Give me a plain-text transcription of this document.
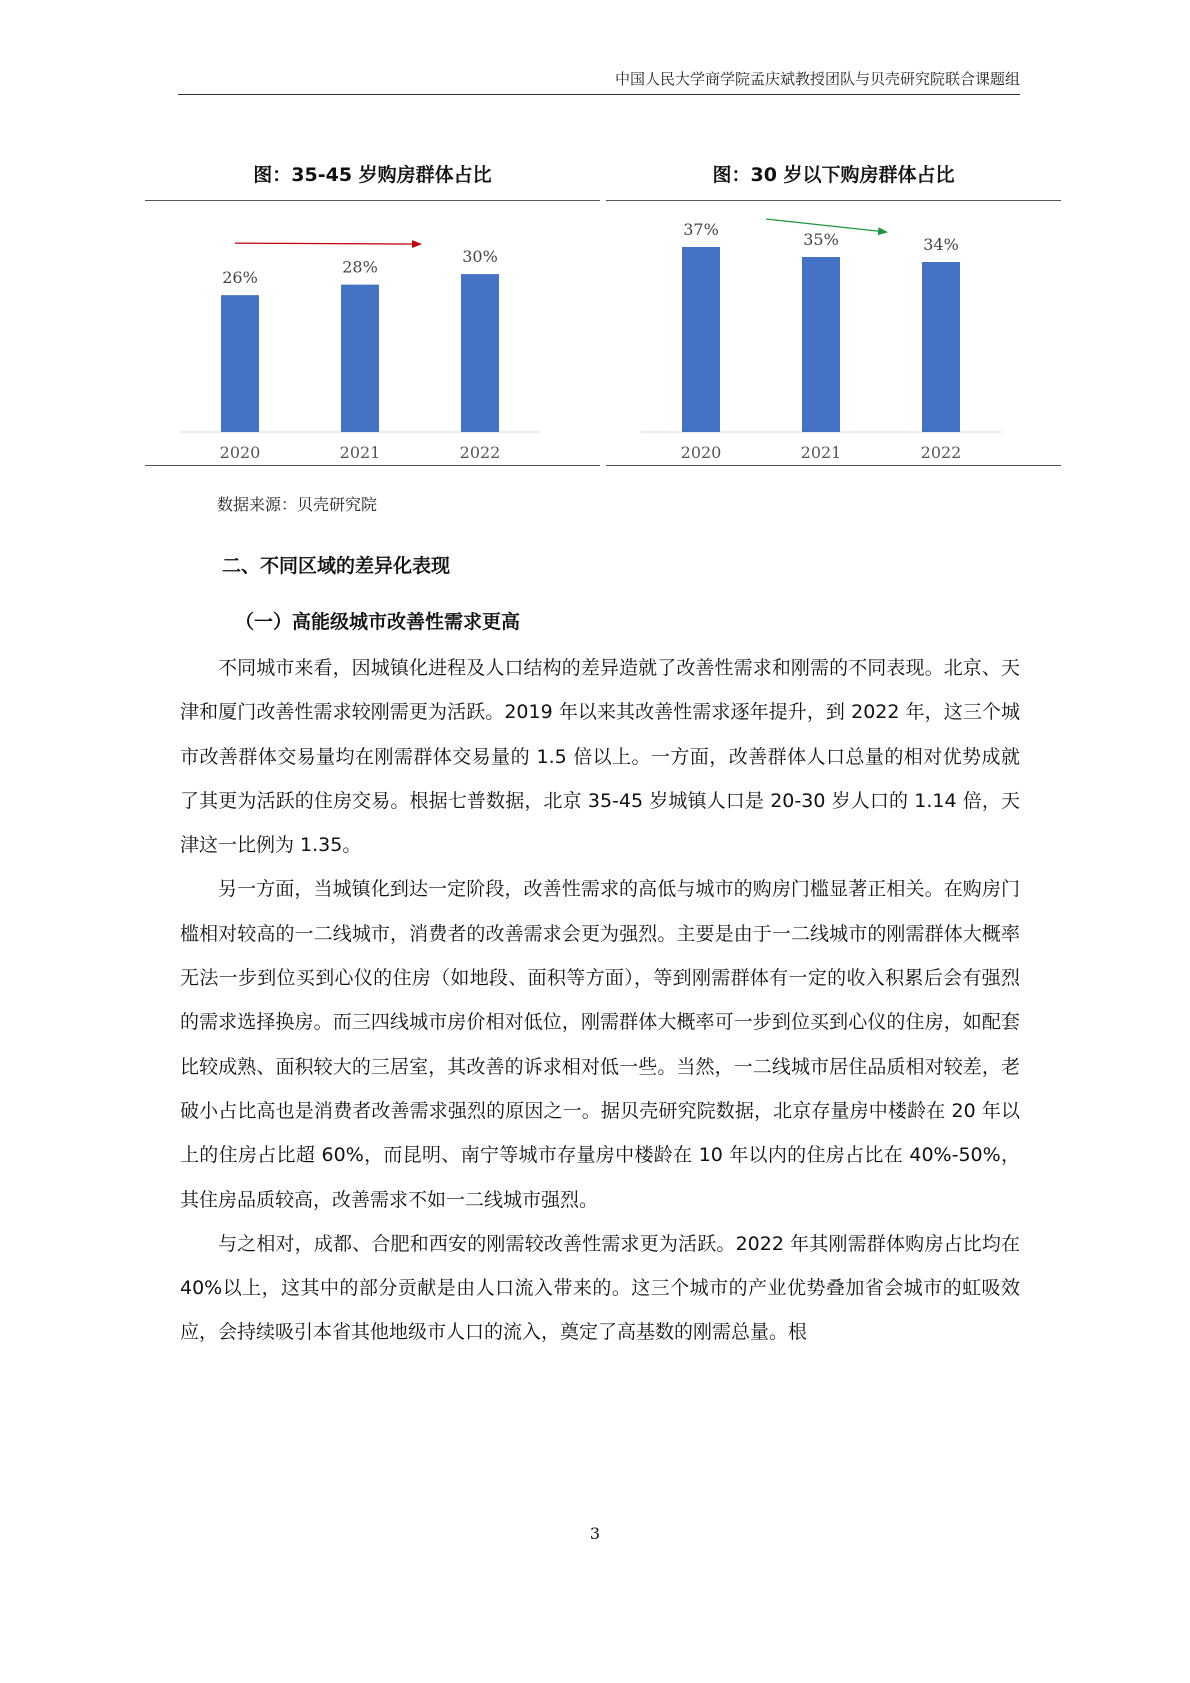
中国人民大学商学院孟庆斌教授团队与贝壳研究院联合课题组
图：35-45 岁购房群体占比
26%
2020
28%
2021
30%
2022
图：30 岁以下购房群体占比
37%
2020
35%
2021
34%
2022
数据来源：贝壳研究院
二、不同区域的差异化表现
（一）高能级城市改善性需求更高

不同城市来看，因城镇化进程及人口结构的差异造就了改善性需求和刚需的不同表现。北京、天津和厦门改善性需求较刚需更为活跃。2019 年以来其改善性需求逐年提升，到 2022 年，这三个城市改善群体交易量均在刚需群体交易量的 1.5 倍以上。一方面，改善群体人口总量的相对优势成就了其更为活跃的住房交易。根据七普数据，北京 35-45 岁城镇人口是 20-30 岁人口的 1.14 倍，天津这一比例为 1.35。

另一方面，当城镇化到达一定阶段，改善性需求的高低与城市的购房门槛显著正相关。在购房门槛相对较高的一二线城市，消费者的改善需求会更为强烈。主要是由于一二线城市的刚需群体大概率无法一步到位买到心仪的住房（如地段、面积等方面），等到刚需群体有一定的收入积累后会有强烈的需求选择换房。而三四线城市房价相对低位，刚需群体大概率可一步到位买到心仪的住房，如配套比较成熟、面积较大的三居室，其改善的诉求相对低一些。当然，一二线城市居住品质相对较差，老破小占比高也是消费者改善需求强烈的原因之一。据贝壳研究院数据，北京存量房中楼龄在 20 年以上的住房占比超 60%，而昆明、南宁等城市存量房中楼龄在 10 年以内的住房占比在 40%-50%，其住房品质较高，改善需求不如一二线城市强烈。

与之相对，成都、合肥和西安的刚需较改善性需求更为活跃。2022 年其刚需群体购房占比均在 40%以上，这其中的部分贡献是由人口流入带来的。这三个城市的产业优势叠加省会城市的虹吸效应，会持续吸引本省其他地级市人口的流入，奠定了高基数的刚需总量。根

3
